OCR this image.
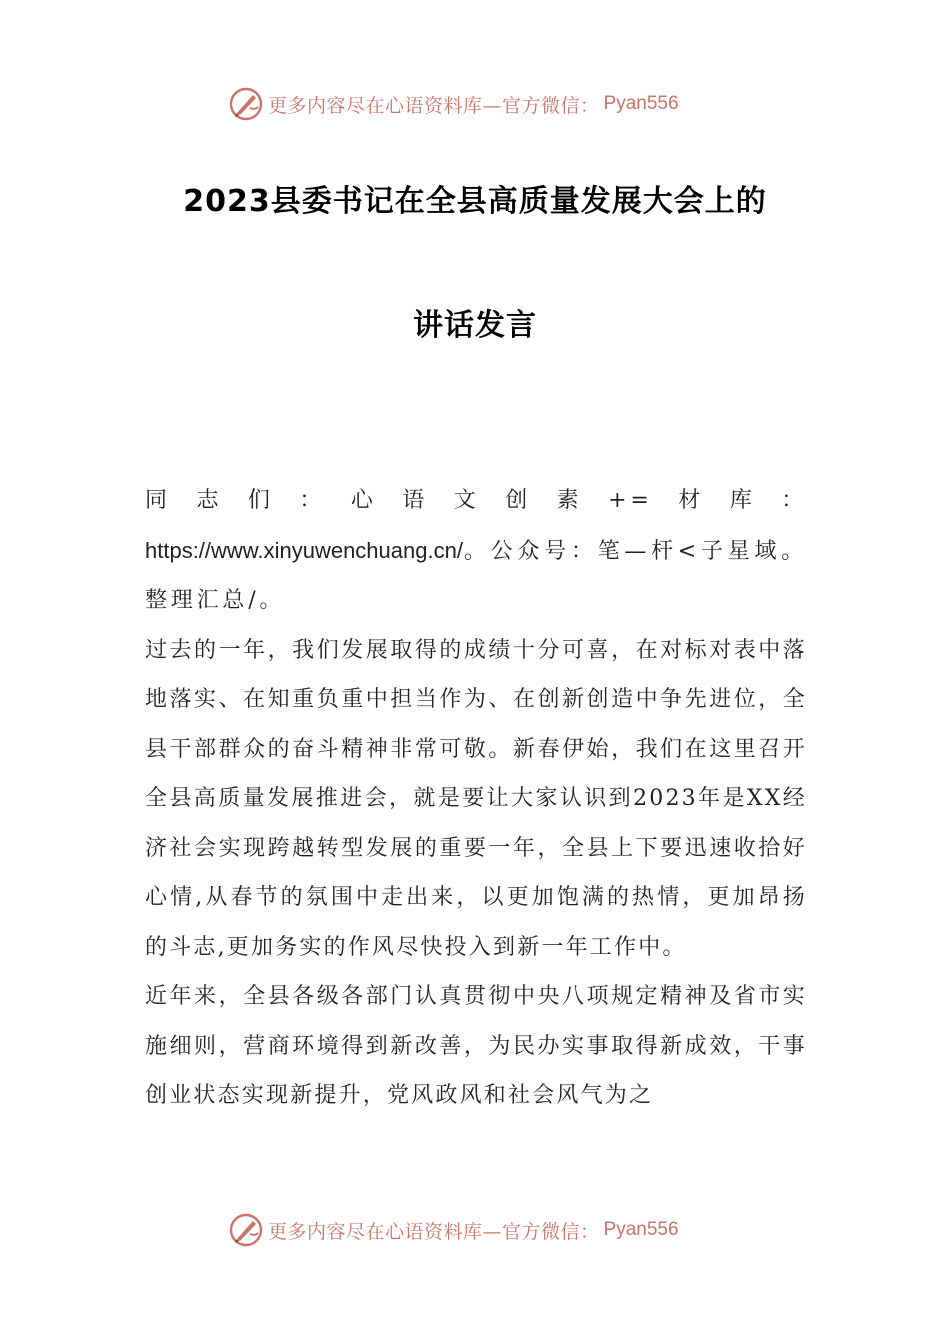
更多内容尽在心语资料库—官方微信： Pyan556
2023县委书记在全县高质量发展大会上的
讲话发言

同志们：心语文创素+=材库：https://www.xinyuwenchuang.cn/。公众号：笔—杆<子星域。整理汇总/。

过去的一年，我们发展取得的成绩十分可喜，在对标对表中落地落实、在知重负重中担当作为、在创新创造中争先进位，全县干部群众的奋斗精神非常可敬。新春伊始，我们在这里召开全县高质量发展推进会，就是要让大家认识到2023年是XX经济社会实现跨越转型发展的重要一年，全县上下要迅速收拾好心情,从春节的氛围中走出来，以更加饱满的热情，更加昂扬的斗志,更加务实的作风尽快投入到新一年工作中。

近年来，全县各级各部门认真贯彻中央八项规定精神及省市实施细则，营商环境得到新改善，为民办实事取得新成效，干事创业状态实现新提升，党风政风和社会风气为之

更多内容尽在心语资料库—官方微信： Pyan556
